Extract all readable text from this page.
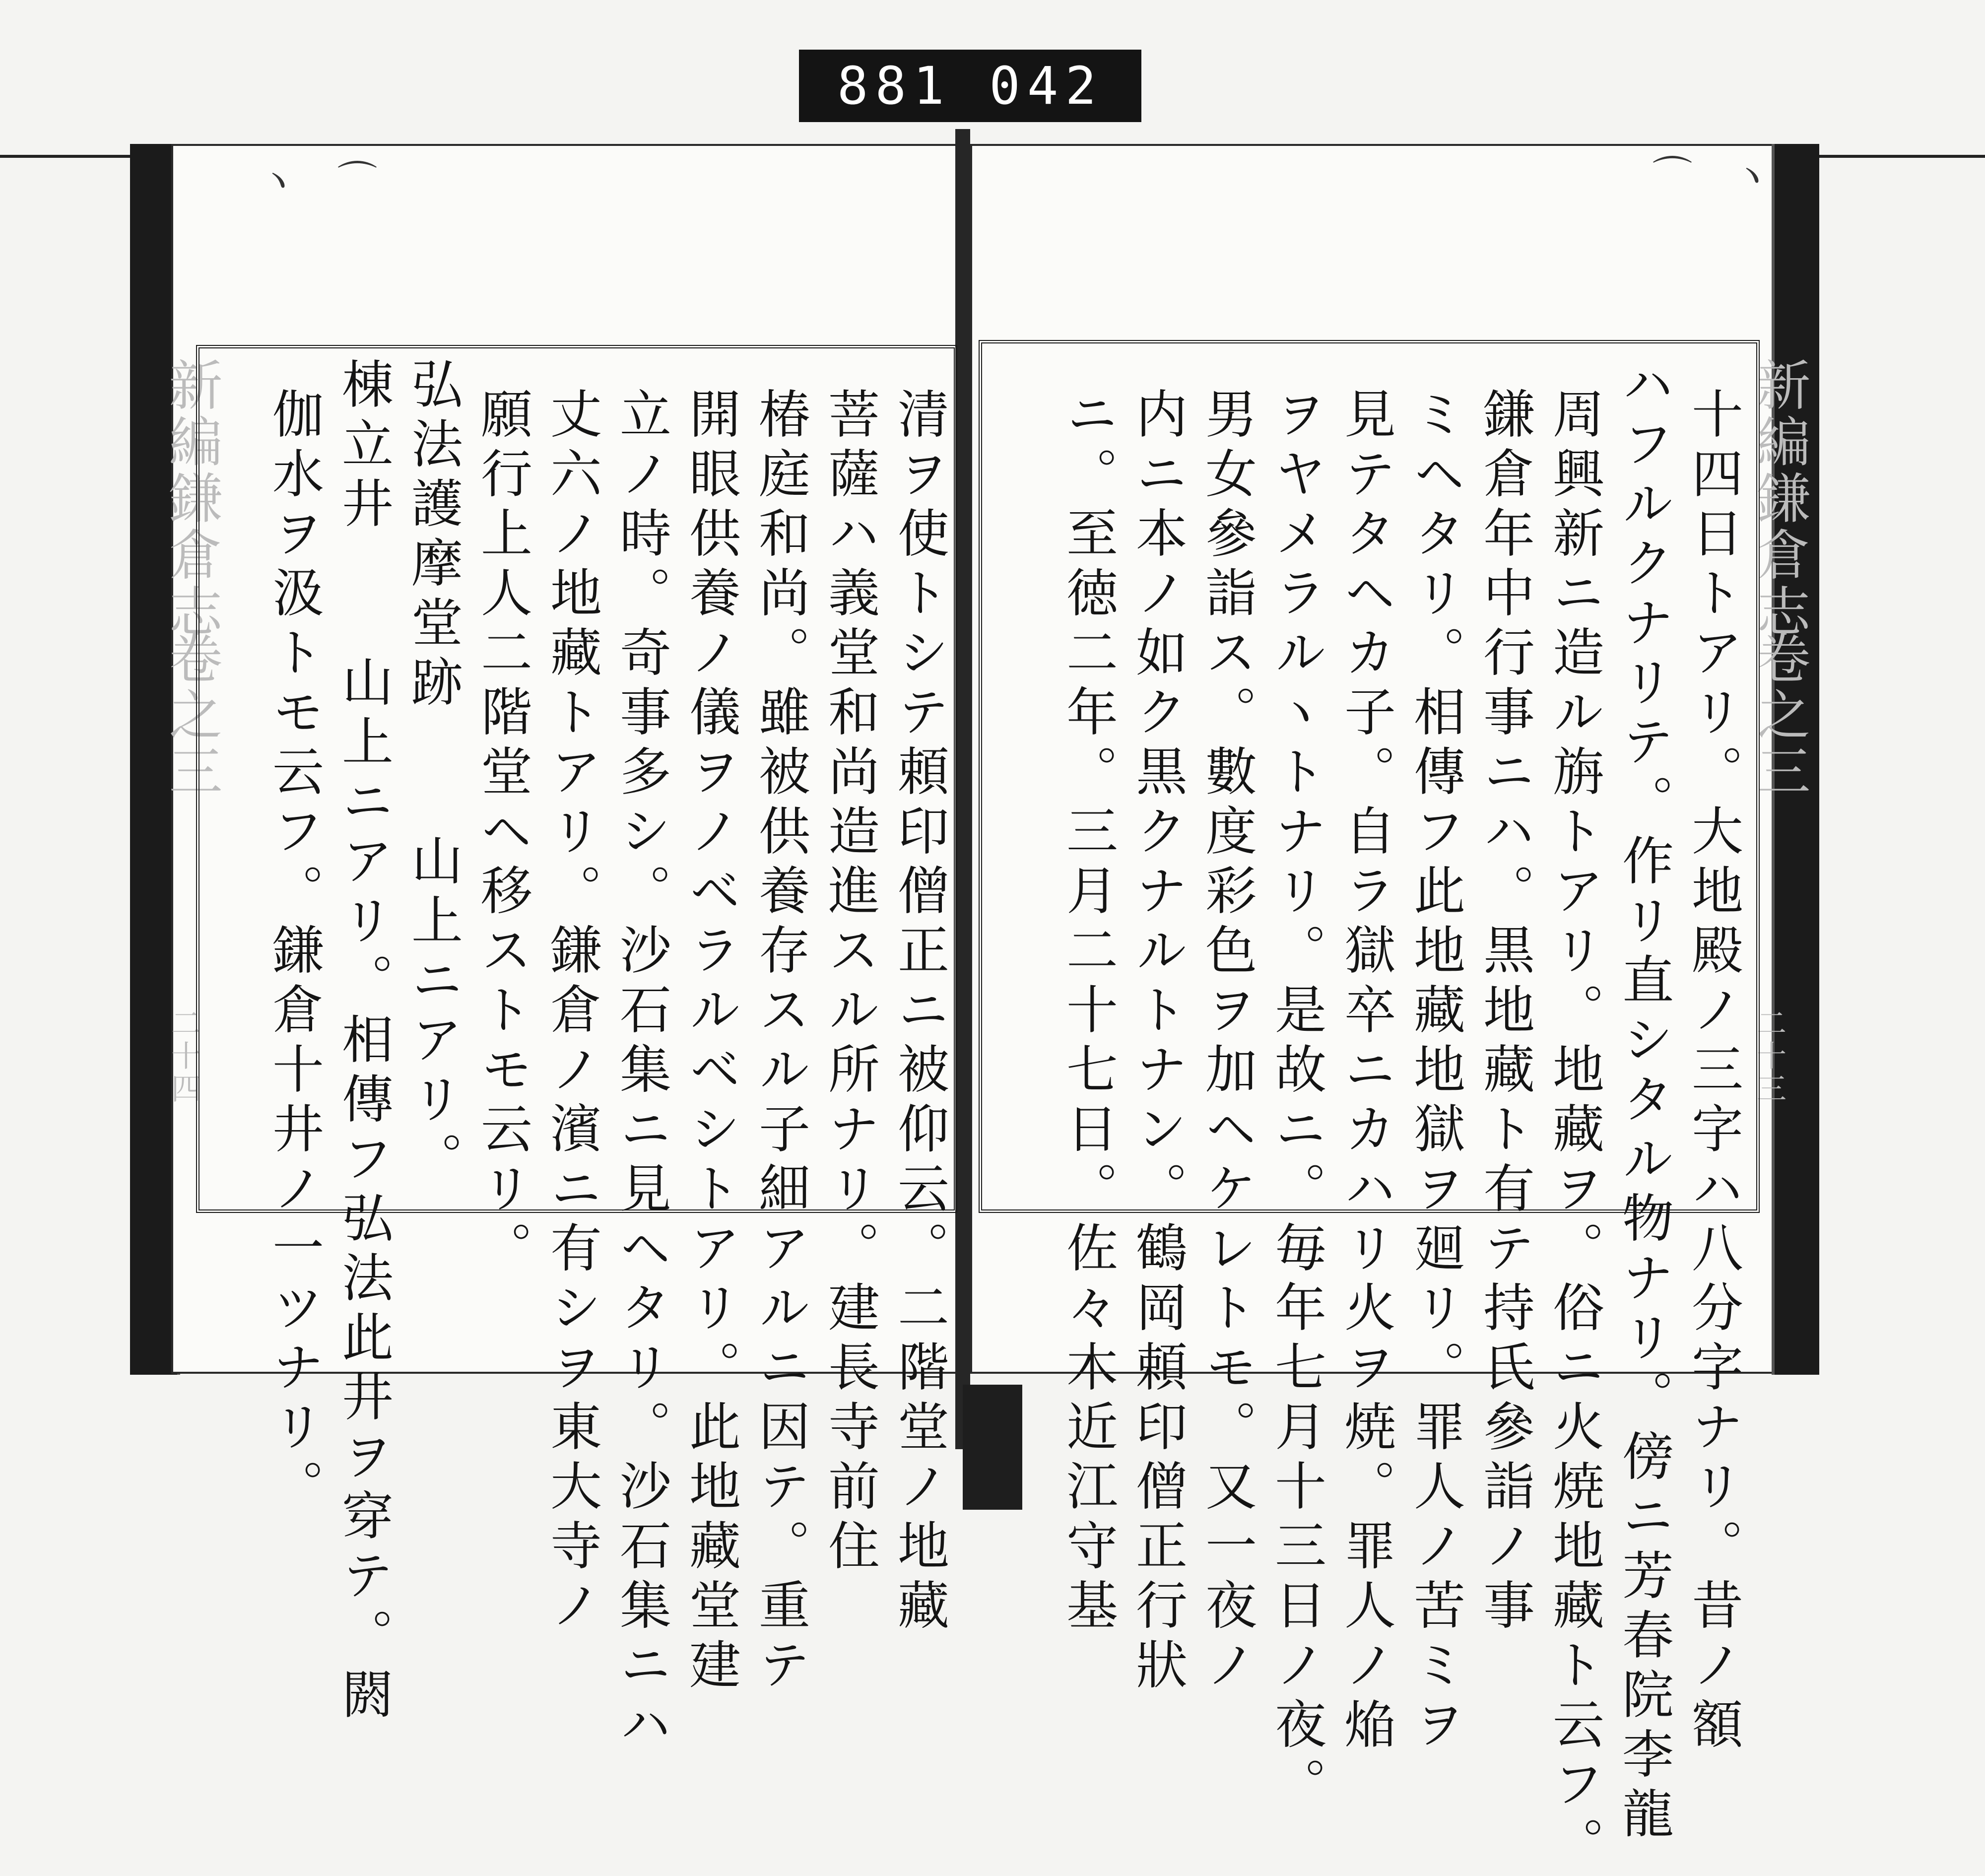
881 042
新編鎌倉志
卷之三
二十四
新編鎌倉志
卷之三
二十三
ヽ　⌒	⌒　ヽ
清ヲ使トシテ頼印僧正ニ被仰云。二階堂ノ地藏
菩薩ハ義堂和尚造進スル所ナリ。建長寺前住
椿庭和尚。雖被供養存スル子細アルニ因テ。重テ
開眼供養ノ儀ヲノベラルベシトアリ。此地藏堂建
立ノ時。奇事多シ。沙石集ニ見ヘタリ。沙石集ニハ
丈六ノ地藏トアリ。鎌倉ノ濱ニ有シヲ東大寺ノ
願行上人二階堂ヘ移ストモ云リ。
弘法護摩堂跡　　山上ニアリ。
棟立井　　山上ニアリ。相傳フ弘法此井ヲ穿テ。閼
伽水ヲ汲トモ云フ。鎌倉十井ノ一ツナリ。	十四日トアリ。大地殿ノ三字ハ八分字ナリ。昔ノ額
ハフルクナリテ。作リ直シタル物ナリ。傍ニ芳春院李龍
周興新ニ造ル旃トアリ。地藏ヲ。俗ニ火焼地藏ト云フ。
鎌倉年中行事ニハ。黒地藏ト有テ持氏參詣ノ事
ミヘタリ。相傳フ此地藏地獄ヲ廻リ。罪人ノ苦ミヲ
見テタヘカ子。自ラ獄卒ニカハリ火ヲ焼。罪人ノ焔
ヲヤメラルヽトナリ。是故ニ。毎年七月十三日ノ夜。
男女參詣ス。數度彩色ヲ加ヘケレトモ。又一夜ノ
内ニ本ノ如ク黒クナルトナン。鶴岡頼印僧正行狀
ニ。至徳二年。三月二十七日。佐々木近江守基
